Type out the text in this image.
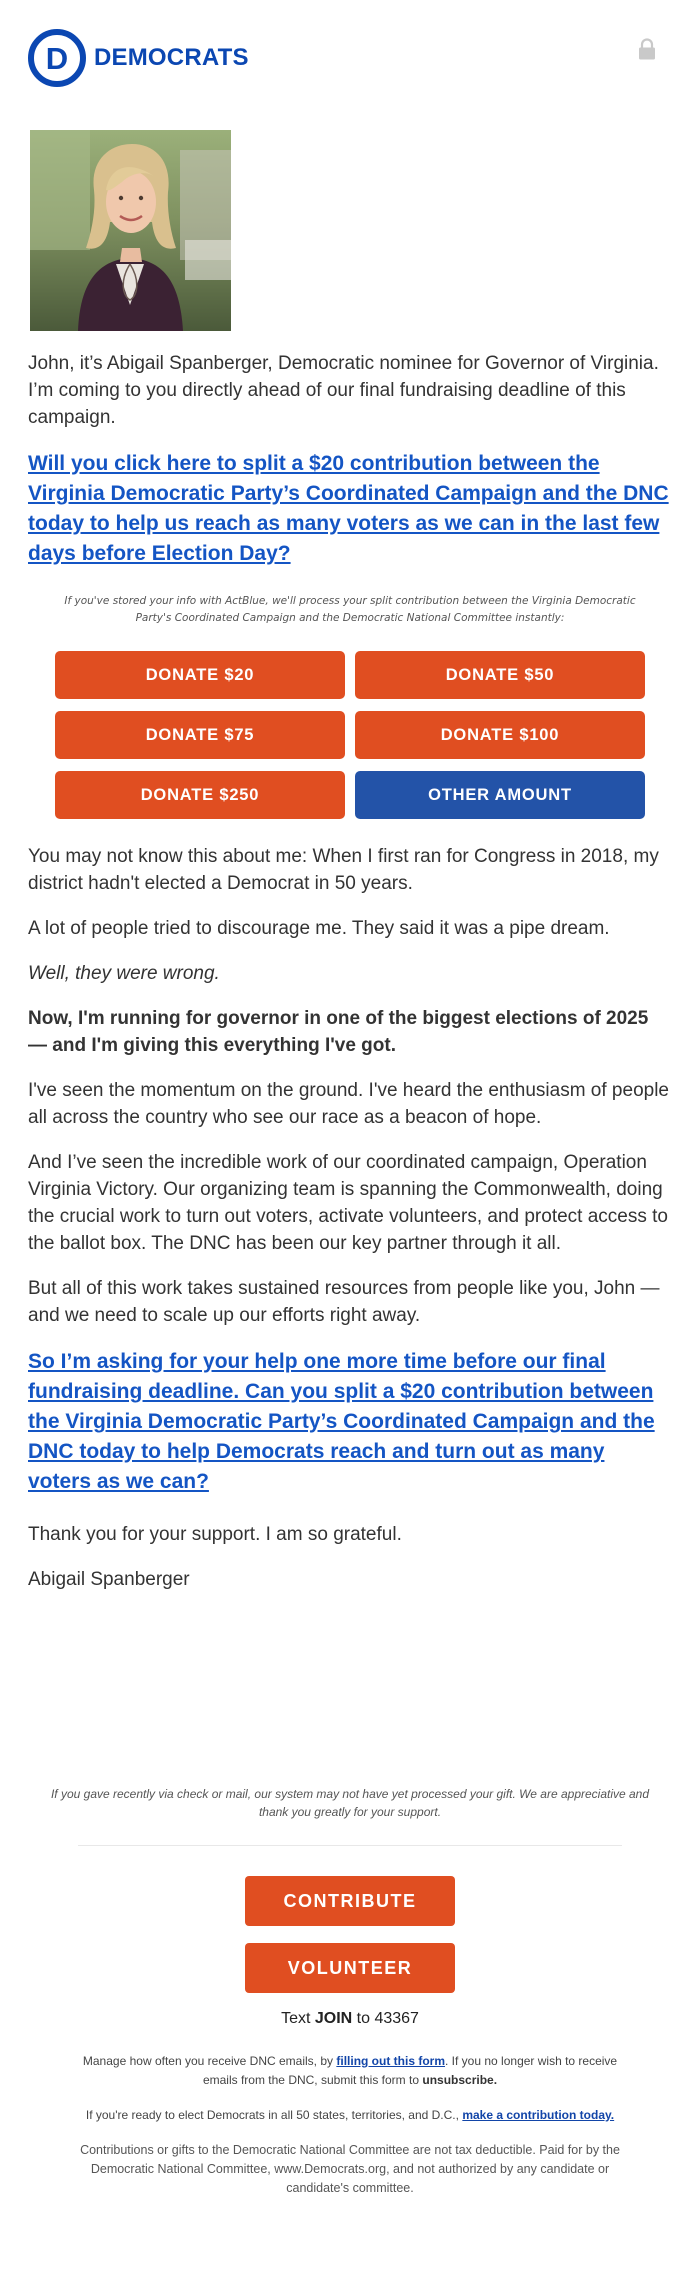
D DEMOCRATS

John, it’s Abigail Spanberger, Democratic nominee for Governor of Virginia. I’m coming to you directly ahead of our final fundraising deadline of this campaign.

Will you click here to split a $20 contribution between the Virginia Democratic Party’s Coordinated Campaign and the DNC today to help us reach as many voters as we can in the last few days before Election Day?

If you've stored your info with ActBlue, we'll process your split contribution between the Virginia Democratic Party's Coordinated Campaign and the Democratic National Committee instantly:

DONATE $20	DONATE $50
DONATE $75	DONATE $100
DONATE $250	OTHER AMOUNT

You may not know this about me: When I first ran for Congress in 2018, my district hadn't elected a Democrat in 50 years.

A lot of people tried to discourage me. They said it was a pipe dream.

Well, they were wrong.

Now, I'm running for governor in one of the biggest elections of 2025 — and I'm giving this everything I've got.

I've seen the momentum on the ground. I've heard the enthusiasm of people all across the country who see our race as a beacon of hope.

And I’ve seen the incredible work of our coordinated campaign, Operation Virginia Victory. Our organizing team is spanning the Commonwealth, doing the crucial work to turn out voters, activate volunteers, and protect access to the ballot box. The DNC has been our key partner through it all.

But all of this work takes sustained resources from people like you, John — and we need to scale up our efforts right away.

So I’m asking for your help one more time before our final fundraising deadline. Can you split a $20 contribution between the Virginia Democratic Party’s Coordinated Campaign and the DNC today to help Democrats reach and turn out as many voters as we can?

Thank you for your support. I am so grateful.

Abigail Spanberger

If you gave recently via check or mail, our system may not have yet processed your gift. We are appreciative and thank you greatly for your support.

CONTRIBUTE
VOLUNTEER

Text JOIN to 43367

Manage how often you receive DNC emails, by filling out this form. If you no longer wish to receive emails from the DNC, submit this form to unsubscribe.

If you're ready to elect Democrats in all 50 states, territories, and D.C., make a contribution today.

Contributions or gifts to the Democratic National Committee are not tax deductible. Paid for by the Democratic National Committee, www.Democrats.org, and not authorized by any candidate or candidate's committee.
